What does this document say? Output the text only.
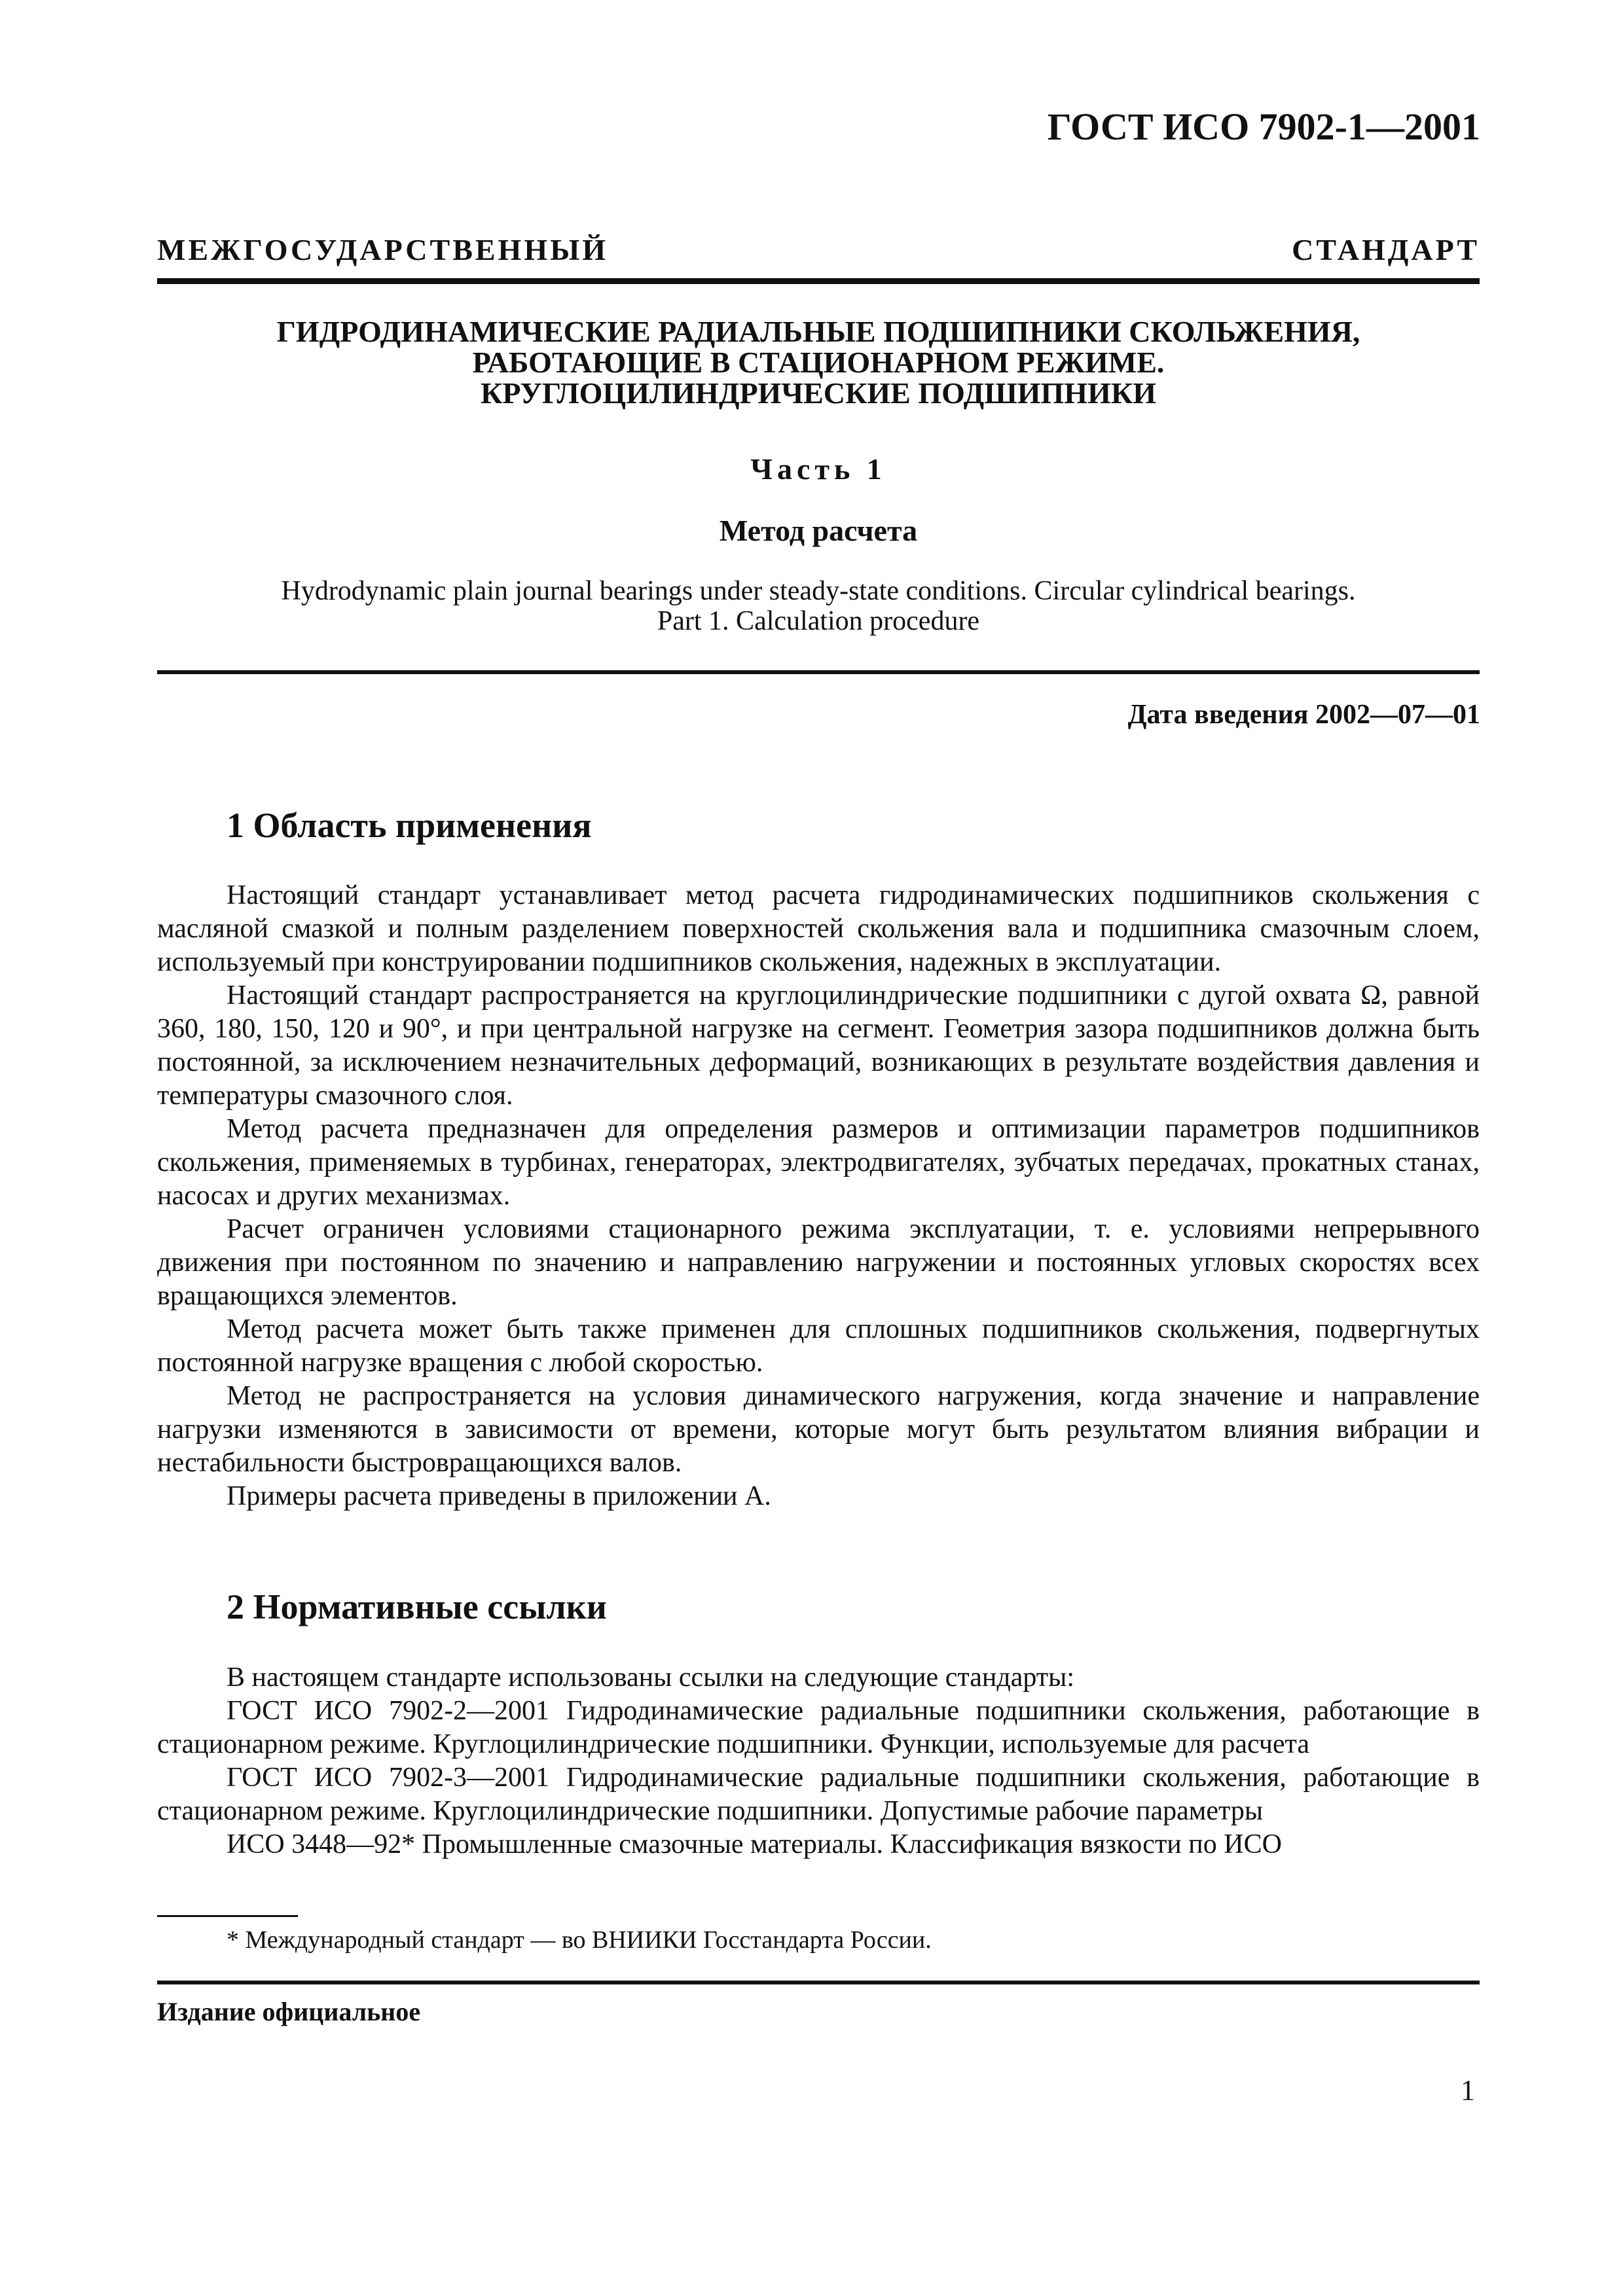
ГОСТ ИСО 7902-1—2001
МЕЖГОСУДАРСТВЕННЫЙ СТАНДАРТ
ГИДРОДИНАМИЧЕСКИЕ РАДИАЛЬНЫЕ ПОДШИПНИКИ СКОЛЬЖЕНИЯ,
РАБОТАЮЩИЕ В СТАЦИОНАРНОМ РЕЖИМЕ.
КРУГЛОЦИЛИНДРИЧЕСКИЕ ПОДШИПНИКИ
Часть 1
Метод расчета
Hydrodynamic plain journal bearings under steady-state conditions. Circular cylindrical bearings.
Part 1. Calculation procedure
Дата введения 2002—07—01
1 Область применения

Настоящий стандарт устанавливает метод расчета гидродинамических подшипников скольжения с масляной смазкой и полным разделением поверхностей скольжения вала и подшипника смазочным слоем, используемый при конструировании подшипников скольжения, надежных в эксплуатации.

Настоящий стандарт распространяется на круглоцилиндрические подшипники с дугой охвата Ω, равной 360, 180, 150, 120 и 90°, и при центральной нагрузке на сегмент. Геометрия зазора подшипников должна быть постоянной, за исключением незначительных деформаций, возникающих в результате воздействия давления и температуры смазочного слоя.

Метод расчета предназначен для определения размеров и оптимизации параметров подшипников скольжения, применяемых в турбинах, генераторах, электродвигателях, зубчатых передачах, прокатных станах, насосах и других механизмах.

Расчет ограничен условиями стационарного режима эксплуатации, т. е. условиями непрерывного движения при постоянном по значению и направлению нагружении и постоянных угловых скоростях всех вращающихся элементов.

Метод расчета может быть также применен для сплошных подшипников скольжения, подвергнутых постоянной нагрузке вращения с любой скоростью.

Метод не распространяется на условия динамического нагружения, когда значение и направление нагрузки изменяются в зависимости от времени, которые могут быть результатом влияния вибрации и нестабильности быстровращающихся валов.

Примеры расчета приведены в приложении А.

2 Нормативные ссылки

В настоящем стандарте использованы ссылки на следующие стандарты:

ГОСТ ИСО 7902-2—2001 Гидродинамические радиальные подшипники скольжения, работающие в стационарном режиме. Круглоцилиндрические подшипники. Функции, используемые для расчета

ГОСТ ИСО 7902-3—2001 Гидродинамические радиальные подшипники скольжения, работающие в стационарном режиме. Круглоцилиндрические подшипники. Допустимые рабочие параметры

ИСО 3448—92* Промышленные смазочные материалы. Классификация вязкости по ИСО

* Международный стандарт — во ВНИИКИ Госстандарта России.
Издание официальное
1
